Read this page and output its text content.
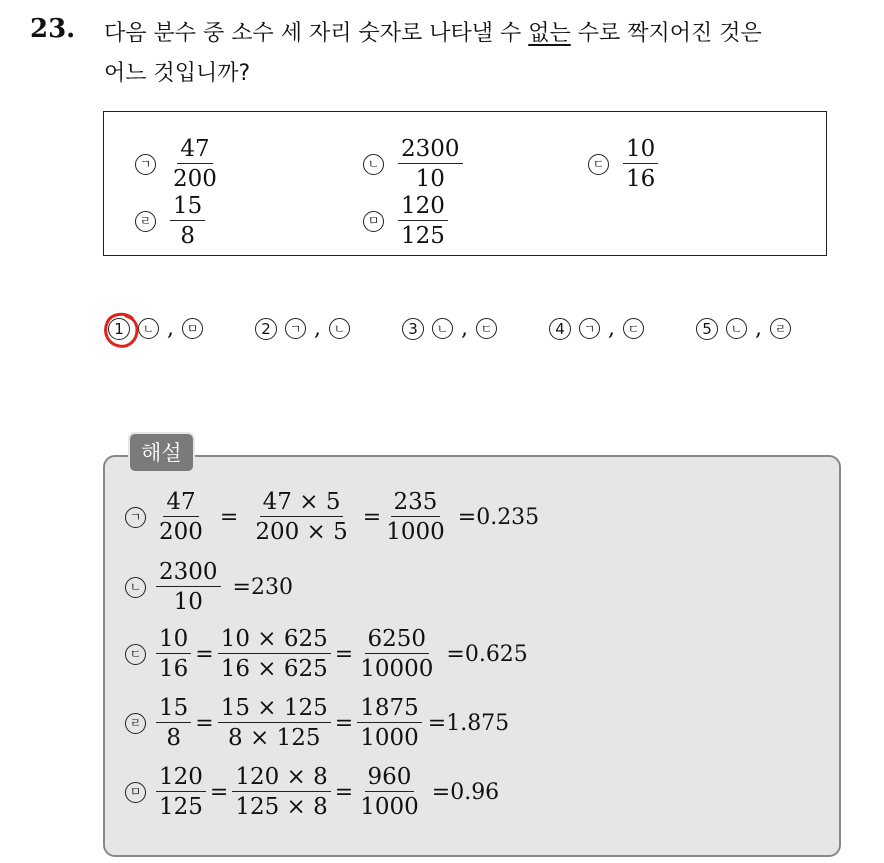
23. 다음 분수 중 소수 세 자리 숫자로 나타낼 수 없는 수로 짝지어진 것은
어느 것입니까?
ㄱ $\frac{47}{200}$	ㄴ $\frac{2300}{10}$	ㄷ $\frac{10}{16}$
ㄹ $\frac{15}{8}$	ㅁ $\frac{120}{125}$
1	ㄴ ,	ㅁ	2	ㄱ ,	ㄴ	3	ㄴ ,	ㄷ	4	ㄱ ,	ㄷ	5	ㄴ ,	ㄹ
해설
ㄱ $\frac{47}{200} = \frac{47 \times 5}{200 \times 5} = \frac{235}{1000} =0.235$
ㄴ $\frac{2300}{10} =230$
ㄷ $\frac{10}{16} = \frac{10 \times 625}{16 \times 625} = \frac{6250}{10000} =0.625$
ㄹ $\frac{15}{8} = \frac{15 \times 125}{8 \times 125} = \frac{1875}{1000} =1.875$
ㅁ $\frac{120}{125} = \frac{120 \times 8}{125 \times 8} = \frac{960}{1000} =0.96$
